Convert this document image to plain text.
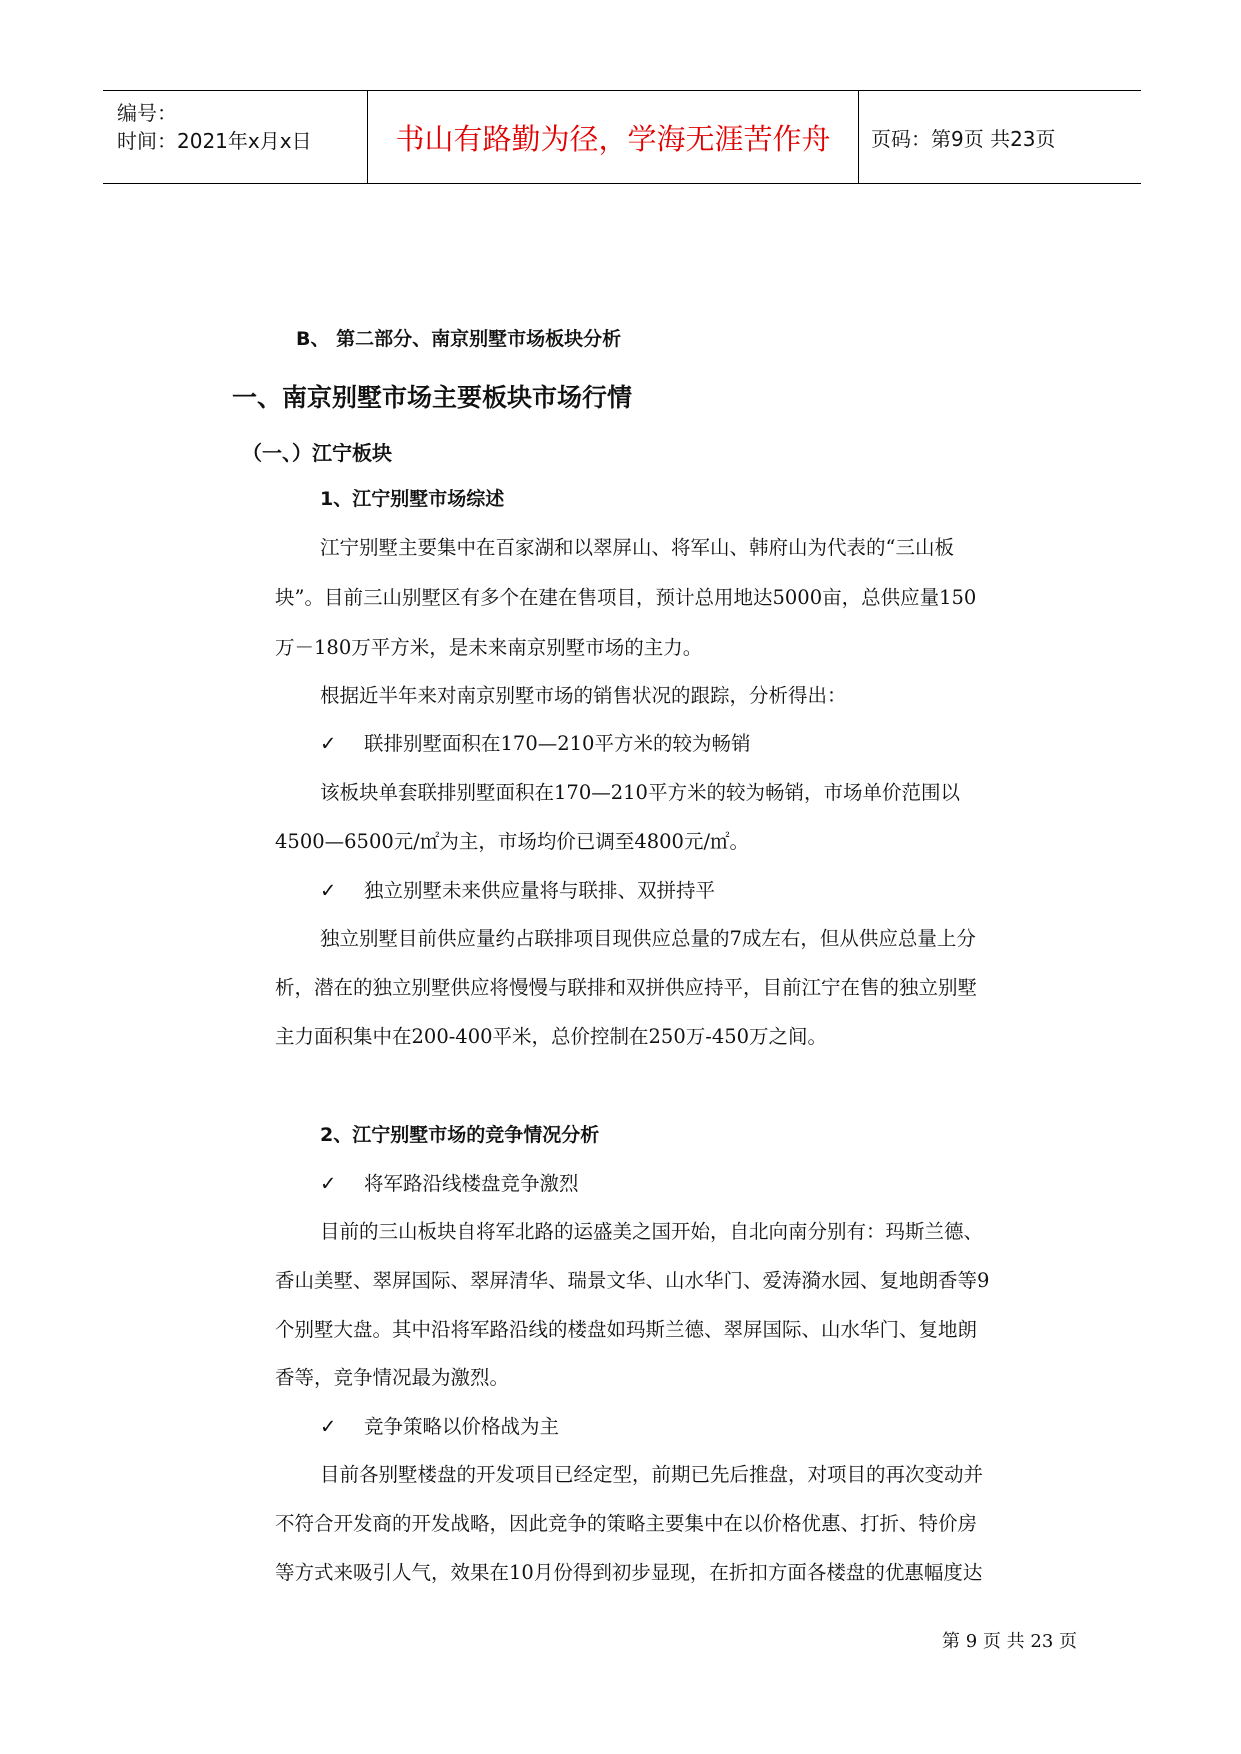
编号：
时间：2021年x月x日	书山有路勤为径，学海无涯苦作舟	页码：第9页 共23页
B、 第二部分、南京别墅市场板块分析
一、南京别墅市场主要板块市场行情
（一、）江宁板块
1、江宁别墅市场综述
江宁别墅主要集中在百家湖和以翠屏山、将军山、韩府山为代表的“三山板
块”。目前三山别墅区有多个在建在售项目，预计总用地达5000亩，总供应量150
万－180万平方米，是未来南京别墅市场的主力。
根据近半年来对南京别墅市场的销售状况的跟踪，分析得出：
✓ 联排别墅面积在170—210平方米的较为畅销
该板块单套联排别墅面积在170—210平方米的较为畅销，市场单价范围以
4500—6500元/㎡为主，市场均价已调至4800元/㎡。
✓ 独立别墅未来供应量将与联排、双拼持平
独立别墅目前供应量约占联排项目现供应总量的7成左右，但从供应总量上分
析，潜在的独立别墅供应将慢慢与联排和双拼供应持平，目前江宁在售的独立别墅
主力面积集中在200-400平米，总价控制在250万-450万之间。
2、江宁别墅市场的竞争情况分析
✓ 将军路沿线楼盘竞争激烈
目前的三山板块自将军北路的运盛美之国开始，自北向南分别有：玛斯兰德、
香山美墅、翠屏国际、翠屏清华、瑞景文华、山水华门、爱涛漪水园、复地朗香等9
个别墅大盘。其中沿将军路沿线的楼盘如玛斯兰德、翠屏国际、山水华门、复地朗
香等，竞争情况最为激烈。
✓ 竞争策略以价格战为主
目前各别墅楼盘的开发项目已经定型，前期已先后推盘，对项目的再次变动并
不符合开发商的开发战略，因此竞争的策略主要集中在以价格优惠、打折、特价房
等方式来吸引人气，效果在10月份得到初步显现，在折扣方面各楼盘的优惠幅度达
第 9 页 共 23 页
